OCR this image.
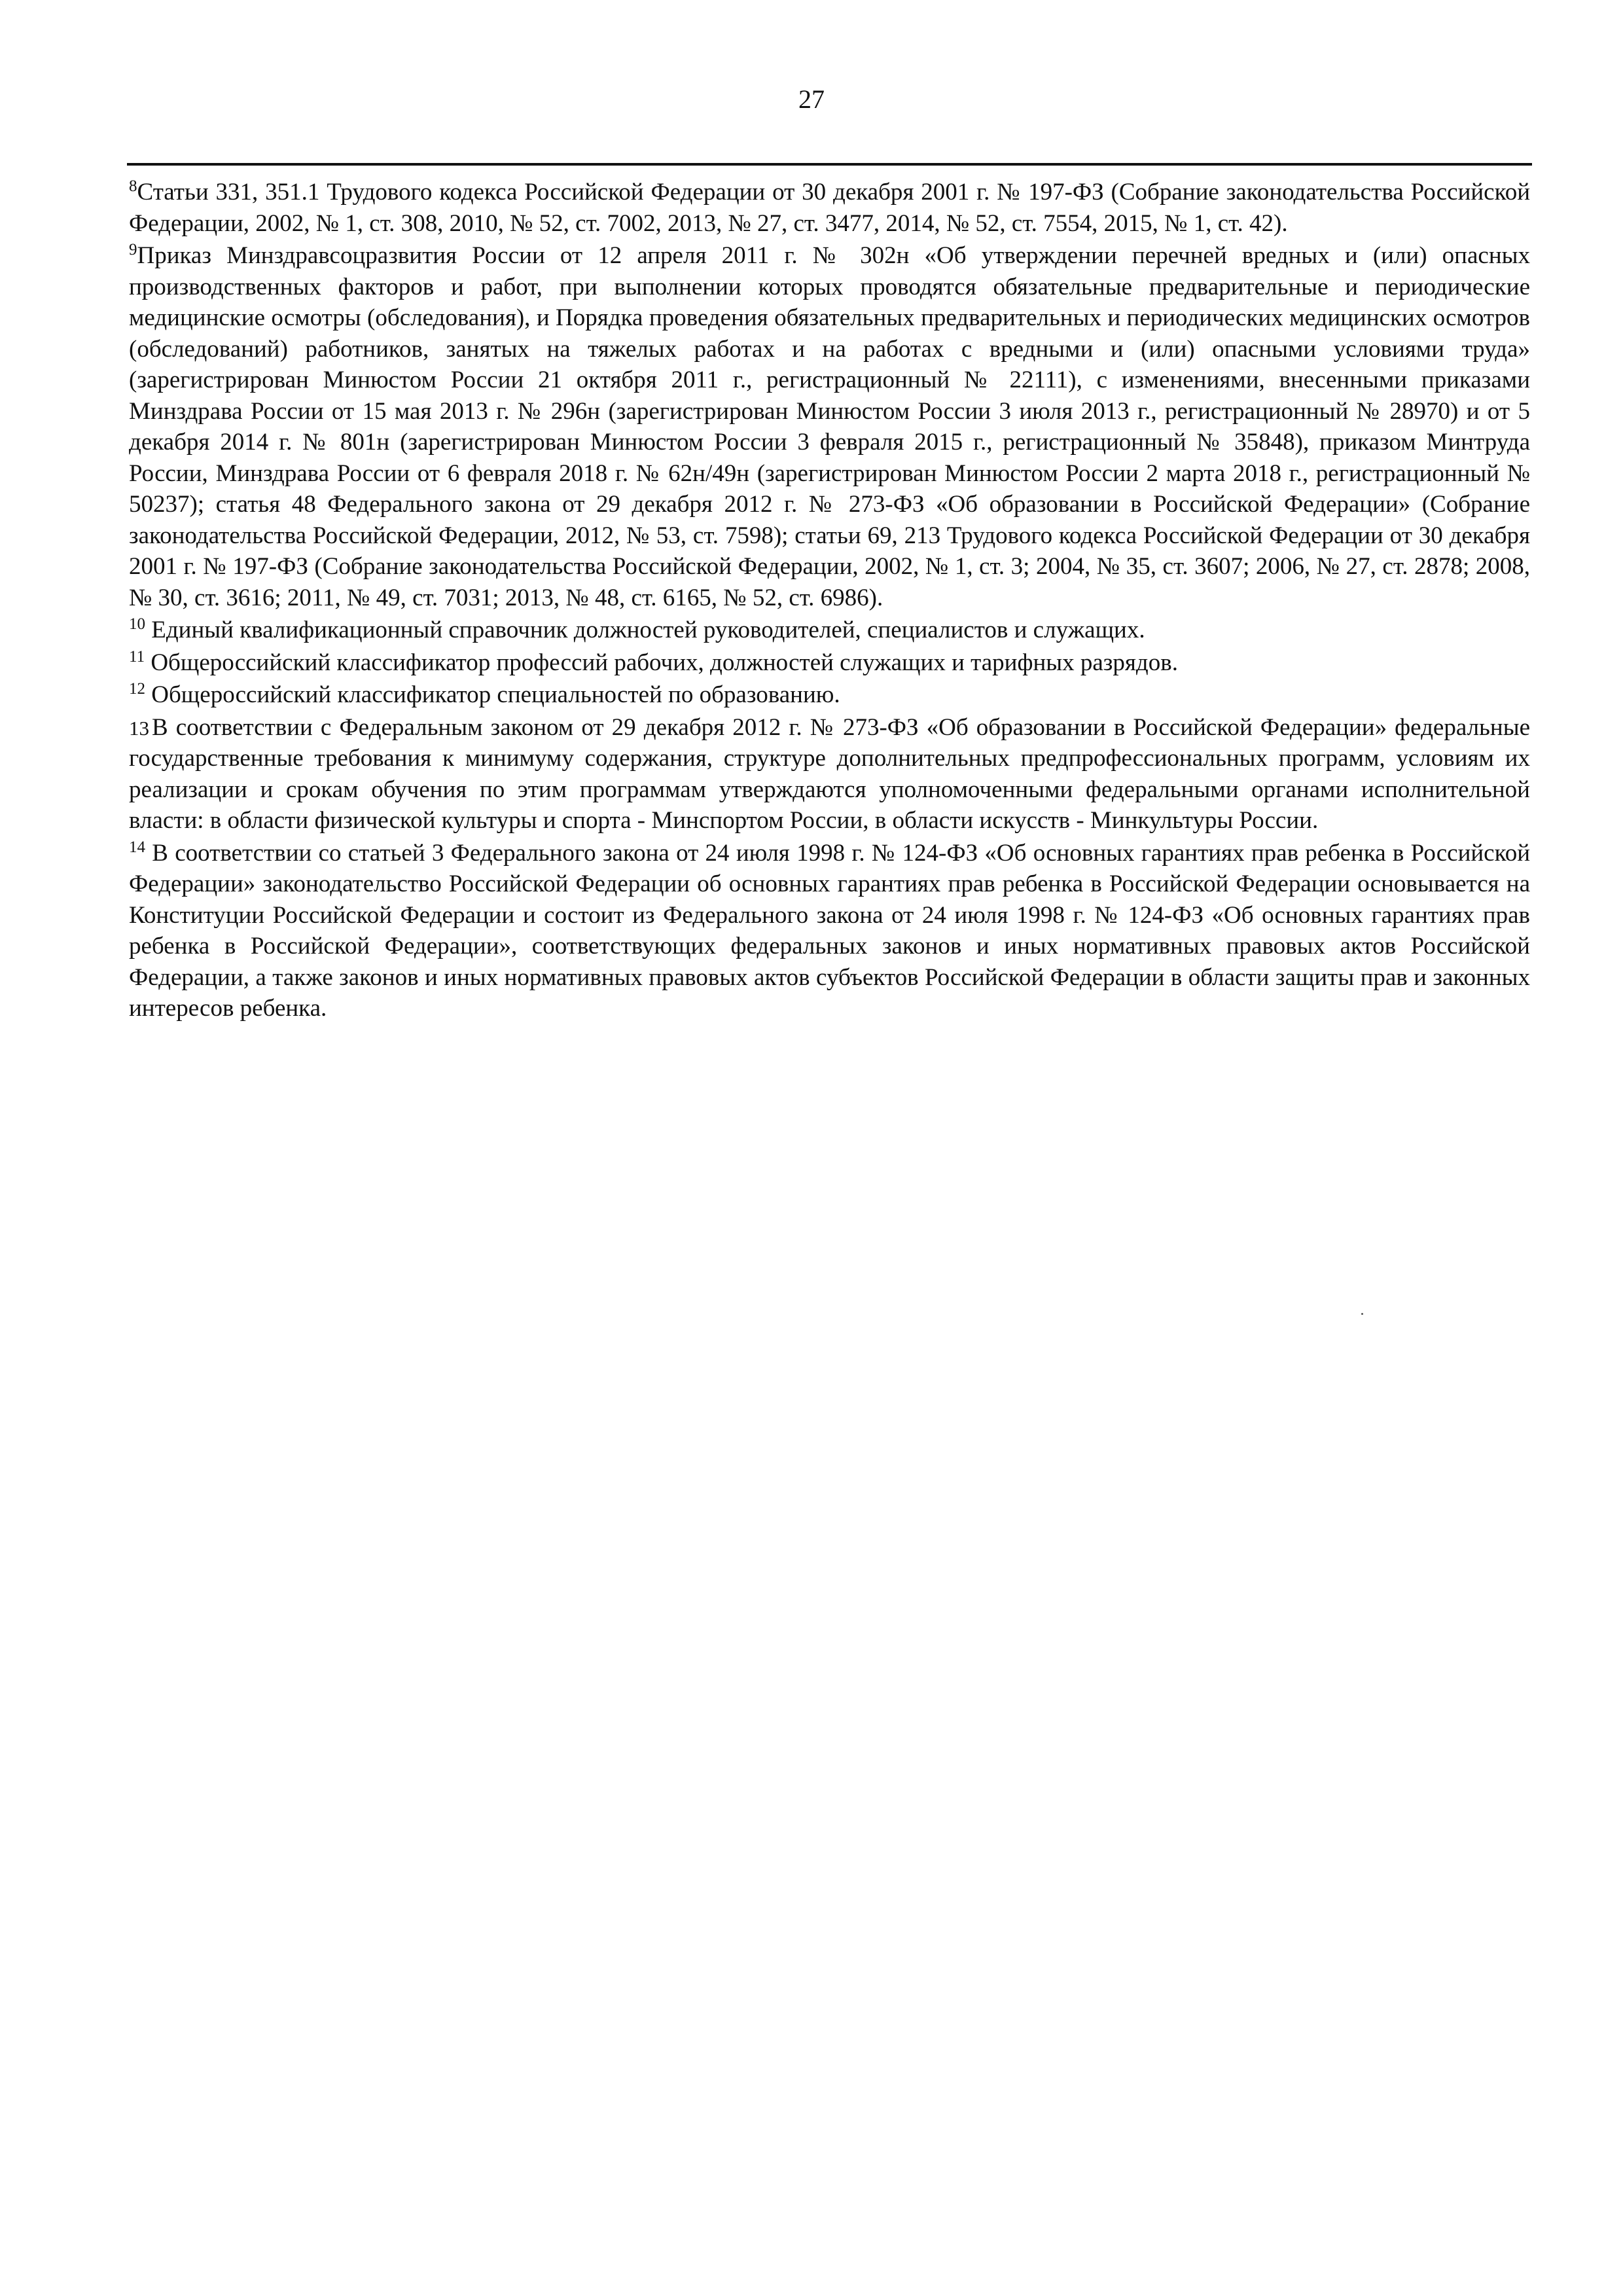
27

$^8$Статьи 331, 351.1 Трудового кодекса Российской Федерации от 30 декабря 2001 г. № 197-ФЗ (Собрание законодательства Российской Федерации, 2002, № 1, ст. 308, 2010, № 52, ст. 7002, 2013, № 27, ст. 3477, 2014, № 52, ст. 7554, 2015, № 1, ст. 42).

$^9$Приказ Минздравсоцразвития России от 12 апреля 2011 г. № 302н «Об утверждении перечней вредных и (или) опасных производственных факторов и работ, при выполнении которых проводятся обязательные предварительные и периодические медицинские осмотры (обследования), и Порядка проведения обязательных предварительных и периодических медицинских осмотров (обследований) работников, занятых на тяжелых работах и на работах с вредными и (или) опасными условиями труда» (зарегистрирован Минюстом России 21 октября 2011 г., регистрационный № 22111), с изменениями, внесенными приказами Минздрава России от 15 мая 2013 г. № 296н (зарегистрирован Минюстом России 3 июля 2013 г., регистрационный № 28970) и от 5 декабря 2014 г. № 801н (зарегистрирован Минюстом России 3 февраля 2015 г., регистрационный № 35848), приказом Минтруда России, Минздрава России от 6 февраля 2018 г. № 62н/49н (зарегистрирован Минюстом России 2 марта 2018 г., регистрационный № 50237); статья 48 Федерального закона от 29 декабря 2012 г. № 273-ФЗ «Об образовании в Российской Федерации» (Собрание законодательства Российской Федерации, 2012, № 53, ст. 7598); статьи 69, 213 Трудового кодекса Российской Федерации от 30 декабря 2001 г. № 197-ФЗ (Собрание законодательства Российской Федерации, 2002, № 1, ст. 3; 2004, № 35, ст. 3607; 2006, № 27, ст. 2878; 2008, № 30, ст. 3616; 2011, № 49, ст. 7031; 2013, № 48, ст. 6165, № 52, ст. 6986).

$^{10}$ Единый квалификационный справочник должностей руководителей, специалистов и служащих.

$^{11}$ Общероссийский классификатор профессий рабочих, должностей служащих и тарифных разрядов.

$^{12}$ Общероссийский классификатор специальностей по образованию.

13 В соответствии с Федеральным законом от 29 декабря 2012 г. № 273-ФЗ «Об образовании в Российской Федерации» федеральные государственные требования к минимуму содержания, структуре дополнительных предпрофессиональных программ, условиям их реализации и срокам обучения по этим программам утверждаются уполномоченными федеральными органами исполнительной власти: в области физической культуры и спорта - Минспортом России, в области искусств - Минкультуры России.

$^{14}$ В соответствии со статьей 3 Федерального закона от 24 июля 1998 г. № 124-ФЗ «Об основных гарантиях прав ребенка в Российской Федерации» законодательство Российской Федерации об основных гарантиях прав ребенка в Российской Федерации основывается на Конституции Российской Федерации и состоит из Федерального закона от 24 июля 1998 г. № 124-ФЗ «Об основных гарантиях прав ребенка в Российской Федерации», соответствующих федеральных законов и иных нормативных правовых актов Российской Федерации, а также законов и иных нормативных правовых актов субъектов Российской Федерации в области защиты прав и законных интересов ребенка.
